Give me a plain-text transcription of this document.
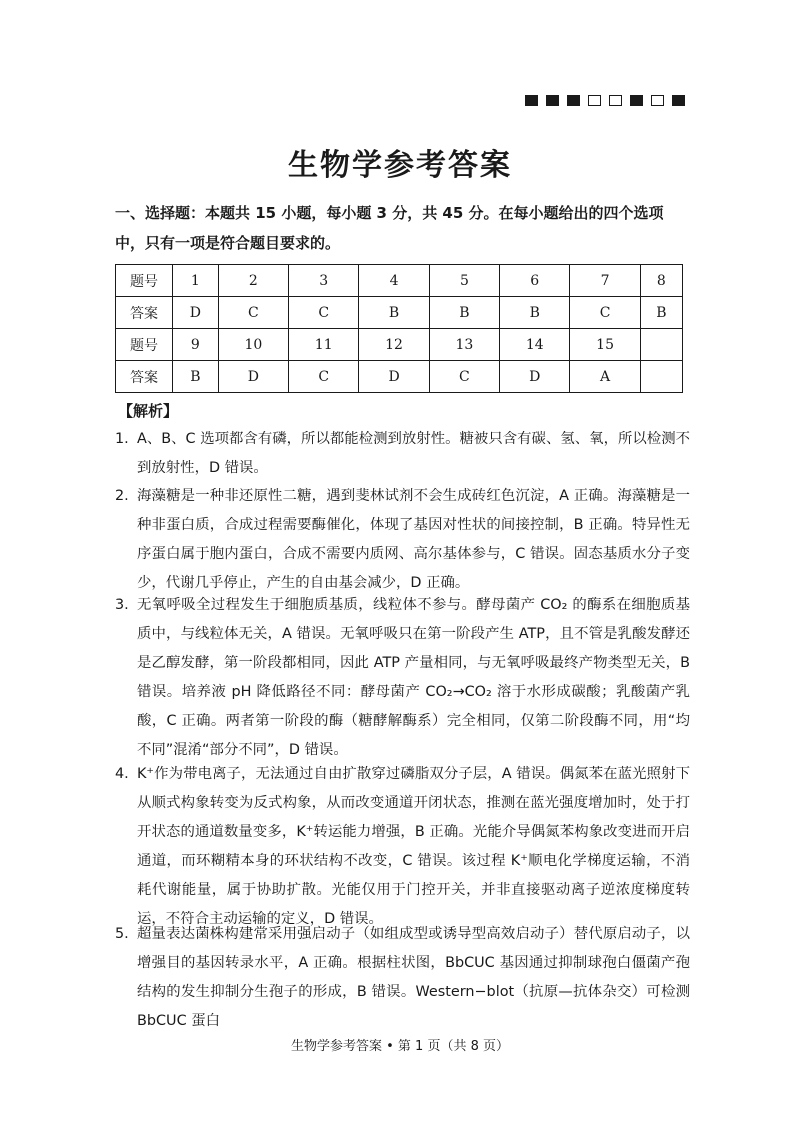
生物学参考答案
一、选择题：本题共 15 小题，每小题 3 分，共 45 分。在每小题给出的四个选项中，只有一项是符合题目要求的。
题号	1	2	3	4	5	6	7	8
答案	D	C	C	B	B	B	C	B
题号	9	10	11	12	13	14	15	
答案	B	D	C	D	C	D	A	
【解析】
1. A、B、C 选项都含有磷，所以都能检测到放射性。糖被只含有碳、氢、氧，所以检测不到放射性，D 错误。
2. 海藻糖是一种非还原性二糖，遇到斐林试剂不会生成砖红色沉淀，A 正确。海藻糖是一种非蛋白质，合成过程需要酶催化，体现了基因对性状的间接控制，B 正确。特异性无序蛋白属于胞内蛋白，合成不需要内质网、高尔基体参与，C 错误。固态基质水分子变少，代谢几乎停止，产生的自由基会减少，D 正确。
3. 无氧呼吸全过程发生于细胞质基质，线粒体不参与。酵母菌产 CO₂ 的酶系在细胞质基质中，与线粒体无关，A 错误。无氧呼吸只在第一阶段产生 ATP，且不管是乳酸发酵还是乙醇发酵，第一阶段都相同，因此 ATP 产量相同，与无氧呼吸最终产物类型无关，B 错误。培养液 pH 降低路径不同：酵母菌产 CO₂→CO₂ 溶于水形成碳酸；乳酸菌产乳酸，C 正确。两者第一阶段的酶（糖酵解酶系）完全相同，仅第二阶段酶不同，用“均不同”混淆“部分不同”，D 错误。
4. K⁺作为带电离子，无法通过自由扩散穿过磷脂双分子层，A 错误。偶氮苯在蓝光照射下从顺式构象转变为反式构象，从而改变通道开闭状态，推测在蓝光强度增加时，处于打开状态的通道数量变多，K⁺转运能力增强，B 正确。光能介导偶氮苯构象改变进而开启通道，而环糊精本身的环状结构不改变，C 错误。该过程 K⁺顺电化学梯度运输，不消耗代谢能量，属于协助扩散。光能仅用于门控开关，并非直接驱动离子逆浓度梯度转运，不符合主动运输的定义，D 错误。
5. 超量表达菌株构建常采用强启动子（如组成型或诱导型高效启动子）替代原启动子，以增强目的基因转录水平，A 正确。根据柱状图，BbCUC 基因通过抑制球孢白僵菌产孢结构的发生抑制分生孢子的形成，B 错误。Western−blot（抗原—抗体杂交）可检测 BbCUC 蛋白
生物学参考答案 • 第 1 页（共 8 页）
